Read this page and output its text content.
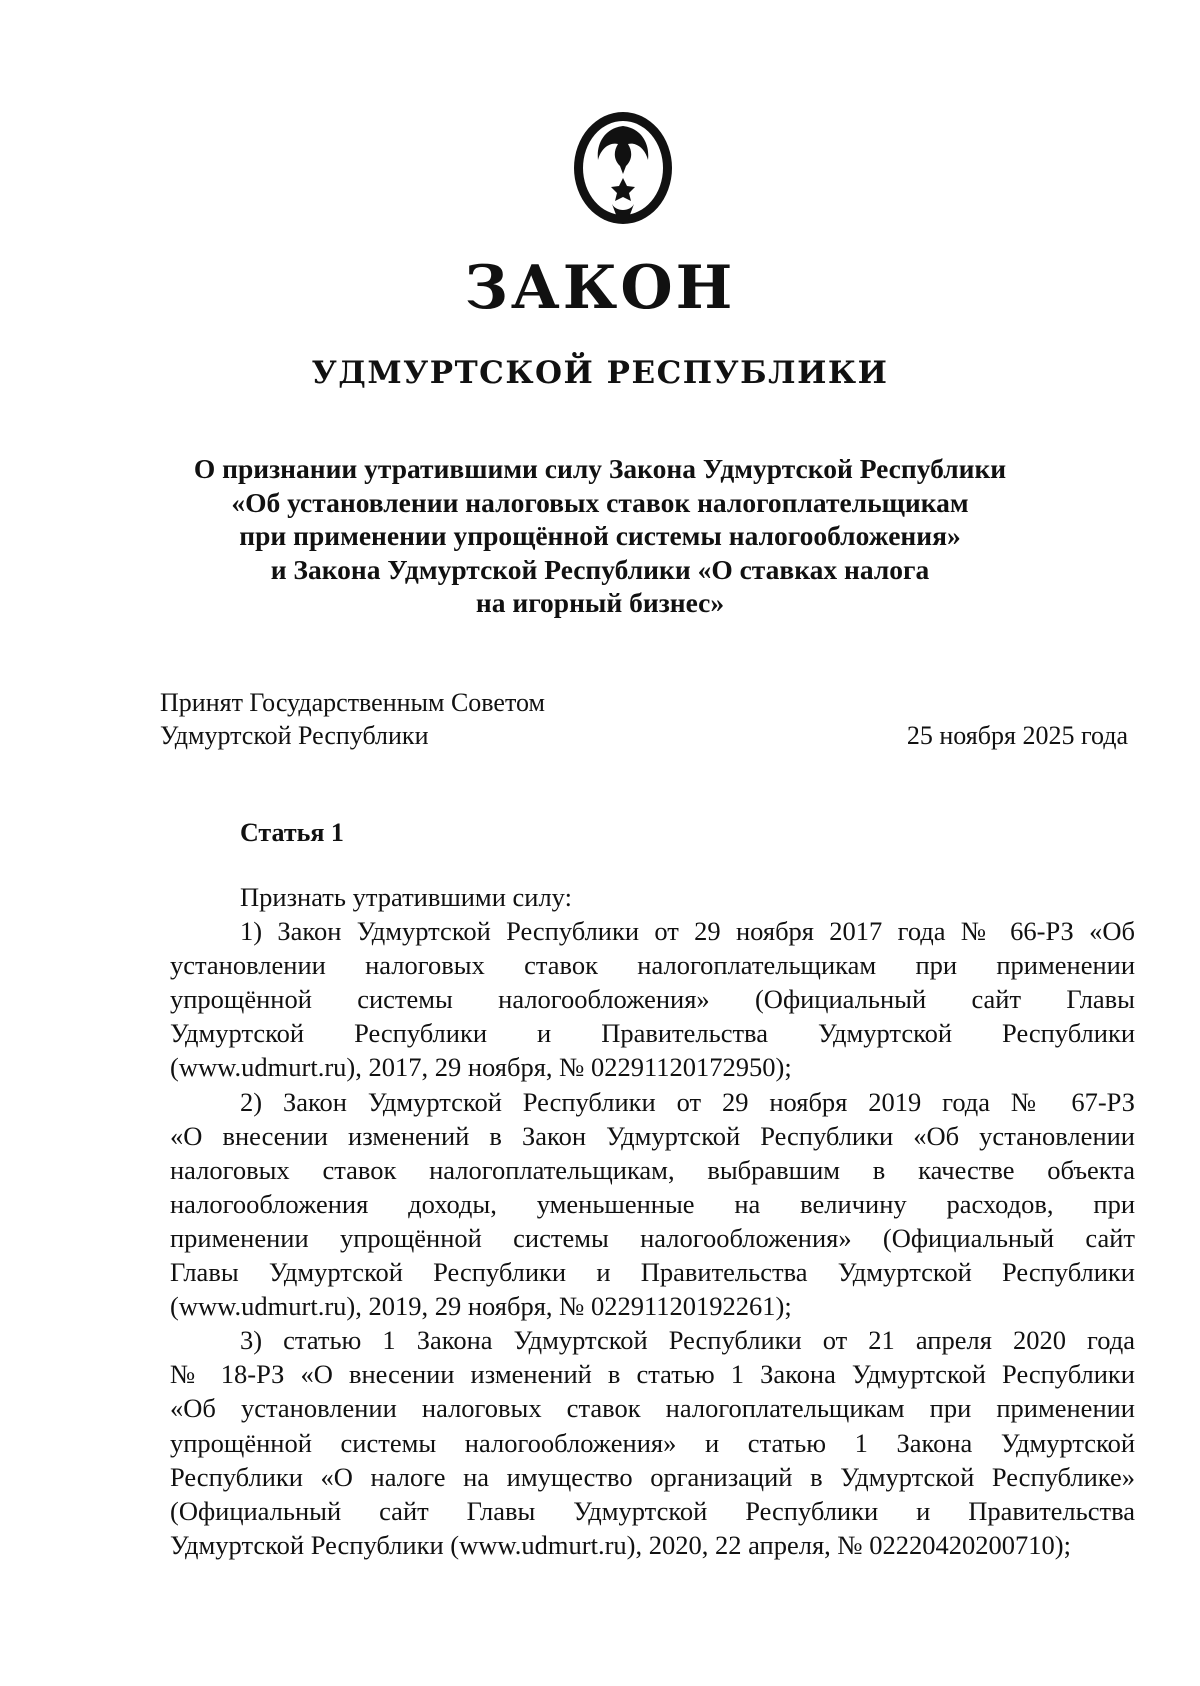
ЗАКОН
УДМУРТСКОЙ РЕСПУБЛИКИ
О признании утратившими силу Закона Удмуртской Республики
«Об установлении налоговых ставок налогоплательщикам
при применении упрощённой системы налогообложения»
и Закона Удмуртской Республики «О ставках налога
на игорный бизнес»
Принят Государственным Советом
Удмуртской Республики	25 ноября 2025 года
Статья 1
Признать утратившими силу:
1) Закон Удмуртской Республики от 29 ноября 2017 года № 66-РЗ «Об
установлении налоговых ставок налогоплательщикам при применении
упрощённой системы налогообложения» (Официальный сайт Главы
Удмуртской Республики и Правительства Удмуртской Республики
(www.udmurt.ru), 2017, 29 ноября, № 02291120172950);
2) Закон Удмуртской Республики от 29 ноября 2019 года № 67-РЗ
«О внесении изменений в Закон Удмуртской Республики «Об установлении
налоговых ставок налогоплательщикам, выбравшим в качестве объекта
налогообложения доходы, уменьшенные на величину расходов, при
применении упрощённой системы налогообложения» (Официальный сайт
Главы Удмуртской Республики и Правительства Удмуртской Республики
(www.udmurt.ru), 2019, 29 ноября, № 02291120192261);
3) статью 1 Закона Удмуртской Республики от 21 апреля 2020 года
№ 18-РЗ «О внесении изменений в статью 1 Закона Удмуртской Республики
«Об установлении налоговых ставок налогоплательщикам при применении
упрощённой системы налогообложения» и статью 1 Закона Удмуртской
Республики «О налоге на имущество организаций в Удмуртской Республике»
(Официальный сайт Главы Удмуртской Республики и Правительства
Удмуртской Республики (www.udmurt.ru), 2020, 22 апреля, № 02220420200710);
